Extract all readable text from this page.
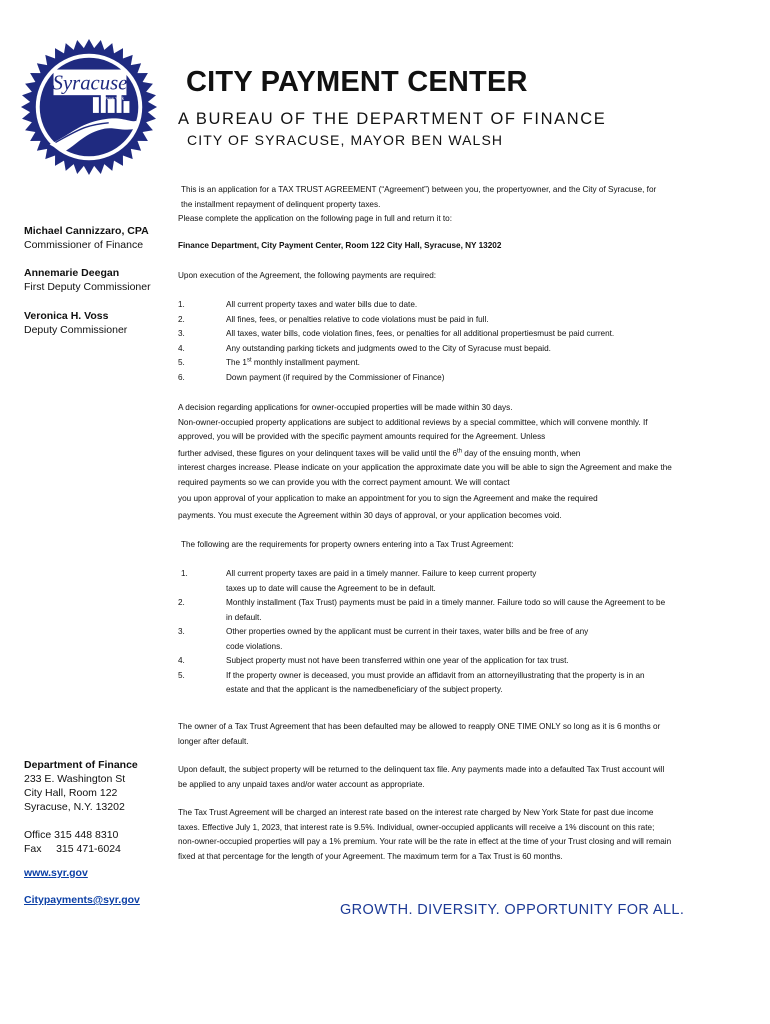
Syracuse
New York
CITY PAYMENT CENTER
A BUREAU OF THE DEPARTMENT OF FINANCE
CITY OF SYRACUSE, MAYOR BEN WALSH
Michael Cannizzaro, CPA
Commissioner of Finance
Annemarie Deegan
First Deputy Commissioner
Veronica H. Voss
Deputy Commissioner
Department of Finance
233 E. Washington St
City Hall, Room 122
Syracuse, N.Y. 13202
Office 315 448 8310
Fax     315 471-6024
www.syr.gov
Citypayments@syr.gov

This is an application for a TAX TRUST AGREEMENT (“Agreement”) between you, the propertyowner, and the City of Syracuse, for the installment repayment of delinquent property taxes.

Please complete the application on the following page in full and return it to:

Finance Department, City Payment Center, Room 122 City Hall, Syracuse, NY 13202
Upon execution of the Agreement, the following payments are required:
1.	All current property taxes and water bills due to date.
2.	All fines, fees, or penalties relative to code violations must be paid in full.
3.	All taxes, water bills, code violation fines, fees, or penalties for all additional propertiesmust be paid current.
4.	Any outstanding parking tickets and judgments owed to the City of Syracuse must bepaid.
5.	The 1st monthly installment payment.
6.	Down payment (if required by the Commissioner of Finance)

A decision regarding applications for owner-occupied properties will be made within 30 days.

Non-owner-occupied property applications are subject to additional reviews by a special committee, which will convene monthly. If approved, you will be provided with the specific payment amounts required for the Agreement. Unless

further advised, these figures on your delinquent taxes will be valid until the 6th day of the ensuing month, when

interest charges increase. Please indicate on your application the approximate date you will be able to sign the Agreement and make the required payments so we can provide you with the correct payment amount. We will contact

you upon approval of your application to make an appointment for you to sign the Agreement and make the required

payments. You must execute the Agreement within 30 days of approval, or your application becomes void.

The following are the requirements for property owners entering into a Tax Trust Agreement:
1.	All current property taxes are paid in a timely manner. Failure to keep current property taxes up to date will cause the Agreement to be in default.
2.	Monthly installment (Tax Trust) payments must be paid in a timely manner. Failure todo so will cause the Agreement to be in default.
3.	Other properties owned by the applicant must be current in their taxes, water bills and be free of any code violations.
4.	Subject property must not have been transferred within one year of the application for tax trust.
5.	If the property owner is deceased, you must provide an affidavit from an attorneyillustrating that the property is in an estate and that the applicant is the namedbeneficiary of the subject property.
The owner of a Tax Trust Agreement that has been defaulted may be allowed to reapply ONE TIME ONLY so long as it is 6 months or longer after default.
Upon default, the subject property will be returned to the delinquent tax file. Any payments made into a defaulted Tax Trust account will be applied to any unpaid taxes and/or water account as appropriate.
The Tax Trust Agreement will be charged an interest rate based on the interest rate charged by New York State for past due income taxes. Effective July 1, 2023, that interest rate is 9.5%. Individual, owner-occupied applicants will receive a 1% discount on this rate; non-owner-occupied properties will pay a 1% premium. Your rate will be the rate in effect at the time of your Trust closing and will remain fixed at that percentage for the length of your Agreement. The maximum term for a Tax Trust is 60 months.
GROWTH. DIVERSITY. OPPORTUNITY FOR ALL.
